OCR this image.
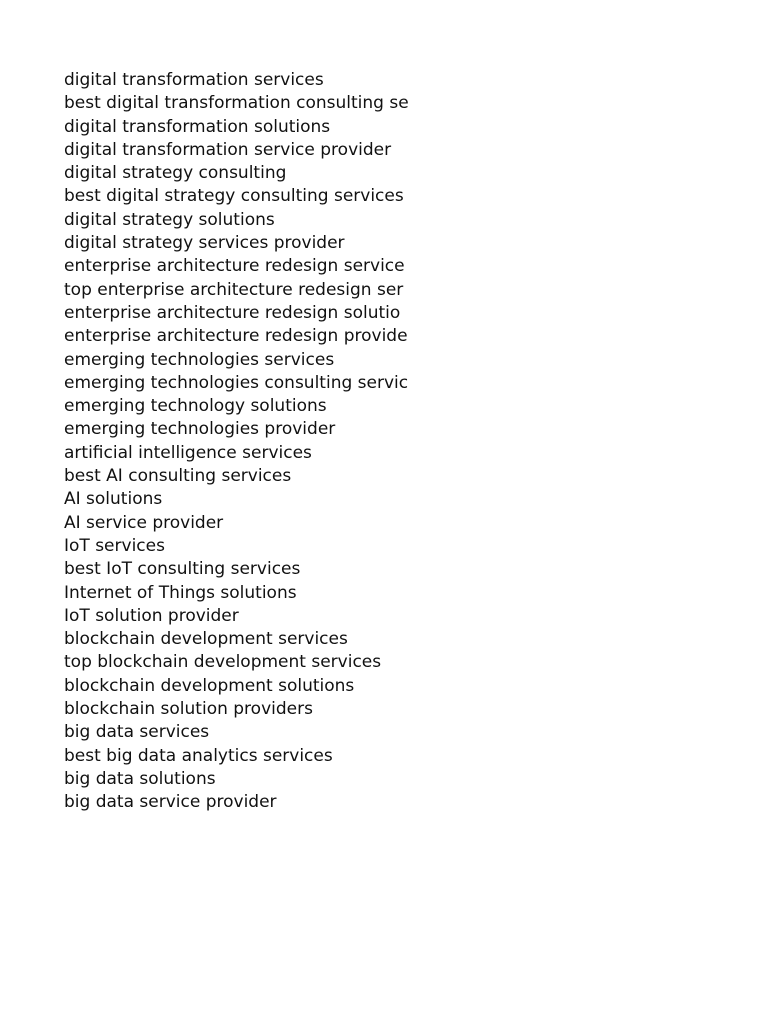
digital transformation services
best digital transformation consulting se
digital transformation solutions
digital transformation service provider
digital strategy consulting
best digital strategy consulting services
digital strategy solutions
digital strategy services provider
enterprise architecture redesign service
top enterprise architecture redesign ser
enterprise architecture redesign solutio
enterprise architecture redesign provide
emerging technologies services
emerging technologies consulting servic
emerging technology solutions
emerging technologies provider
artificial intelligence services
best AI consulting services
AI solutions
AI service provider
IoT services
best IoT consulting services
Internet of Things solutions
IoT solution provider
blockchain development services
top blockchain development services
blockchain development solutions
blockchain solution providers
big data services
best big data analytics services
big data solutions
big data service provider
